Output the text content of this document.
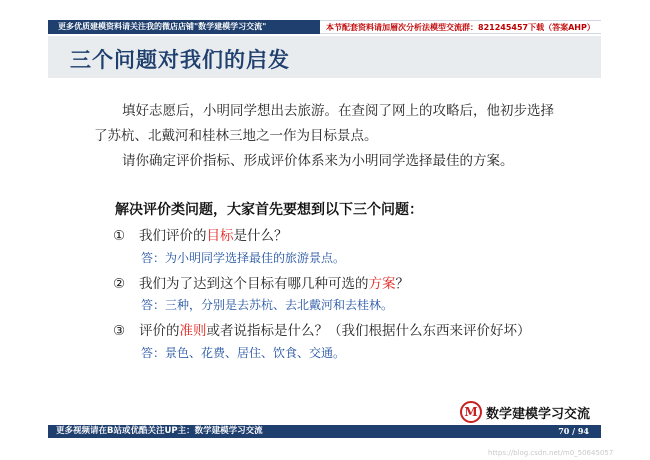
更多优质建模资料请关注我的微店店铺"数学建模学习交流"	本节配套资料请加層次分析法模型交流群：821245457下载（答案AHP）
三个问题对我们的启发
填好志愿后，小明同学想出去旅游。在查阅了网上的攻略后，他初步选择
了苏杭、北戴河和桂林三地之一作为目标景点。
请你确定评价指标、形成评价体系来为小明同学选择最佳的方案。
解决评价类问题，大家首先要想到以下三个问题：
① 我们评价的目标是什么？
答：为小明同学选择最佳的旅游景点。
② 我们为了达到这个目标有哪几种可选的方案？
答：三种，分别是去苏杭、去北戴河和去桂林。
③ 评价的准则或者说指标是什么？（我们根据什么东西来评价好坏）
答：景色、花费、居住、饮食、交通。
M 数学建模学习交流
更多视频请在B站或优酷关注UP主：数学建模学习交流	70 / 94
https://blog.csdn.net/m0_50645057
